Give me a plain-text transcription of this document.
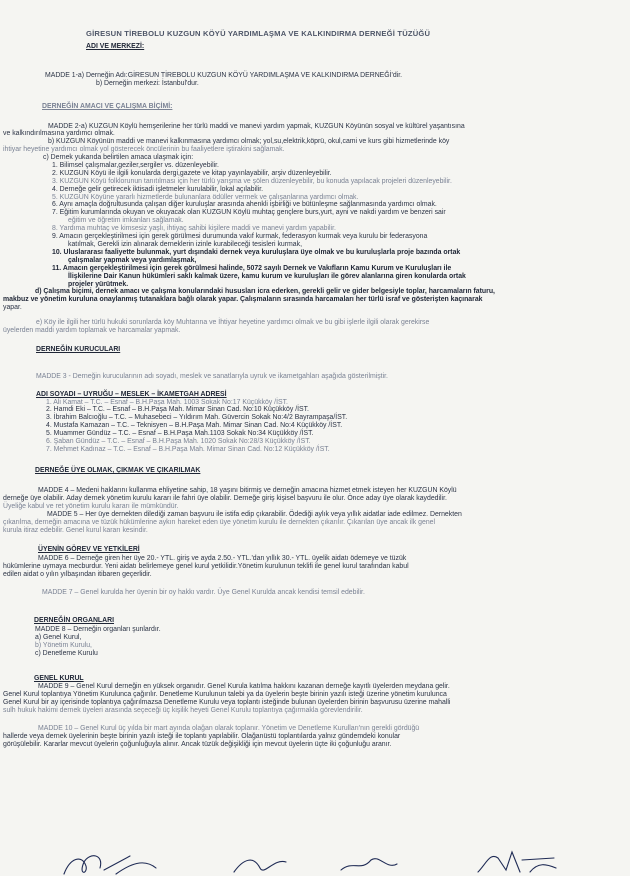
GİRESUN TİREBOLU KUZGUN KÖYÜ YARDIMLAŞMA VE KALKINDIRMA DERNEĞİ TÜZÜĞÜ
ADI VE MERKEZİ:
MADDE 1-a) Derneğin Adı:GİRESUN TİREBOLU KUZGUN KÖYÜ YARDIMLAŞMA VE KALKINDIRMA DERNEĞİ'dir.
b) Derneğin merkezi: İstanbul'dur.
DERNEĞİN AMACI VE ÇALIŞMA BİÇİMİ:
MADDE 2-a) KUZGUN Köylü hemşerilerine her türlü maddi ve manevi yardım yapmak, KUZGUN Köyünün sosyal ve kültürel yaşantısına
ve kalkındırılmasına yardımcı olmak.
b) KUZGUN Köyünün maddi ve manevi kalkınmasına yardımcı olmak; yol,su,elektrik,köprü, okul,cami ve kurs gibi hizmetlerinde köy
ihtiyar heyetine yardımcı olmak yol gösterecek öncülerinin bu faaliyetlere iştirakini sağlamak.
c) Dernek yukarıda belirtilen amaca ulaşmak için:
1. Bilimsel çalışmalar,geziler,sergiler vs. düzenleyebilir.
2. KUZGUN Köyü ile ilgili konularda dergi,gazete ve kitap yayınlayabilir, arşiv düzenleyebilir.
3. KUZGUN Köyü folklorunun tanıtılması için her türlü yarışma ve şölen düzenleyebilir, bu konuda yapılacak projeleri düzenleyebilir.
4. Derneğe gelir getirecek iktisadi işletmeler kurulabilir, lokal açılabilir.
5. KUZGUN Köyüne yararlı hizmetlerde bulunanlara ödüller vermek ve çalışanlarına yardımcı olmak.
6. Aynı amaçla doğrultusunda çalışan diğer kuruluşlar arasında ahenkli işbirliği ve bütünleşme sağlanmasında yardımcı olmak.
7. Eğitim kurumlarında okuyan ve okuyacak olan KUZGUN Köylü muhtaç gençlere burs,yurt, ayni ve nakdi yardım ve benzeri sair
eğitim ve öğretim imkanları sağlamak.
8. Yardıma muhtaç ve kimsesiz yaşlı, ihtiyaç sahibi kişilere maddi ve manevi yardım yapabilir.
9. Amacın gerçekleştirilmesi için gerek görülmesi durumunda vakıf kurmak, federasyon kurmak veya kurulu bir federasyona
katılmak, Gerekli izin alınarak derneklerin izinle kurabileceği tesisleri kurmak,
10. Uluslararası faaliyette bulunmak, yurt dışındaki dernek veya kuruluşlara üye olmak ve bu kuruluşlarla proje bazında ortak
çalışmalar yapmak veya yardımlaşmak,
11. Amacın gerçekleştirilmesi için gerek görülmesi halinde, 5072 sayılı Dernek ve Vakıfların Kamu Kurum ve Kuruluşları ile
İlişkilerine Dair Kanun hükümleri saklı kalmak üzere, kamu kurum ve kuruluşları ile görev alanlarına giren konularda ortak
projeler yürütmek.
d) Çalışma biçimi, dernek amacı ve çalışma konularındaki hususları icra ederken, gerekli gelir ve gider belgesiyle toplar, harcamaların faturu,
makbuz ve yönetim kuruluna onaylanmış tutanaklara bağlı olarak yapar. Çalışmaların sırasında harcamaları her türlü israf ve gösterişten kaçınarak
yapar.
e) Köy ile ilgili her türlü hukuki sorunlarda köy Muhtarına ve İhtiyar heyetine yardımcı olmak ve bu gibi işlerle ilgili olarak gerekirse
üyelerden maddi yardım toplamak ve harcamalar yapmak.
DERNEĞİN KURUCULARI
MADDE 3 - Derneğin kurucularının adı soyadı, meslek ve sanatlarıyla uyruk ve ikametgahları aşağıda gösterilmiştir.
ADI SOYADI – UYRUĞU – MESLEK – İKAMETGAH ADRESİ
1. Ali Kamat – T.C. – Esnaf – B.H.Paşa Mah. 1003 Sokak No:17 Küçükköy /İST.
2. Hamdi Eki – T.C. – Esnaf – B.H.Paşa Mah. Mimar Sinan Cad. No:10 Küçükköy /İST.
3. İbrahim Balcıoğlu – T.C. – Muhasebeci – Yıldırım Mah. Güvercin Sokak No:4/2 Bayrampaşa/İST.
4. Mustafa Kamazan – T.C. – Teknisyen – B.H.Paşa Mah. Mimar Sinan Cad. No:4 Küçükköy /İST.
5. Muammer Gündüz – T.C. – Esnaf – B.H.Paşa Mah.1103 Sokak No:34 Küçükköy /İST.
6. Şaban Gündüz – T.C. – Esnaf – B.H.Paşa Mah. 1020 Sokak No:28/3 Küçükköy /İST.
7. Mehmet Kadınaz – T.C. – Esnaf – B.H.Paşa Mah. Mimar Sinan Cad. No:12 Küçükköy /İST.
DERNEĞE ÜYE OLMAK, ÇIKMAK VE ÇIKARILMAK
MADDE 4 – Medeni haklarını kullanma ehliyetine sahip, 18 yaşını bitirmiş ve derneğin amacına hizmet etmek isteyen her KUZGUN Köylü
derneğe üye olabilir. Aday dernek yönetim kurulu kararı ile fahri üye olabilir. Derneğe giriş kişisel başvuru ile olur. Önce aday üye olarak kaydedilir.
Üyeliğe kabul ve ret yönetim kurulu kararı ile mümkündür.
MADDE 5 – Her üye dernekten dilediği zaman başvuru ile istifa edip çıkarabilir. Ödediği aylık veya yıllık aidatlar iade edilmez. Dernekten
çıkarılma, derneğin amacına ve tüzük hükümlerine aykırı hareket eden üye yönetim kurulu ile dernekten çıkarılır. Çıkarılan üye ancak ilk genel
kurula itiraz edebilir. Genel kurul kararı kesindir.
ÜYENİN GÖREV VE YETKİLERİ
MADDE 6 – Derneğe giren her üye 20.- YTL. giriş ve ayda 2.50.- YTL.'dan yıllık 30.- YTL. üyelik aidatı ödemeye ve tüzük
hükümlerine uymaya mecburdur. Yeni aidatı belirlemeye genel kurul yetkilidir.Yönetim kurulunun teklifi ile genel kurul tarafından kabul
edilen aidat o yılın yılbaşından itibaren geçerlidir.
MADDE 7 – Genel kurulda her üyenin bir oy hakkı vardır. Üye Genel Kurulda ancak kendisi temsil edebilir.
DERNEĞİN ORGANLARI
MADDE 8 – Derneğin organları şunlardır.
a) Genel Kurul,
b) Yönetim Kurulu,
c) Denetleme Kurulu
GENEL KURUL
MADDE 9 – Genel Kurul derneğin en yüksek organıdır. Genel Kurula katılma hakkını kazanan derneğe kayıtlı üyelerden meydana gelir.
Genel Kurul toplantıya Yönetim Kurulunca çağırılır. Denetleme Kurulunun talebi ya da üyelerin beşte birinin yazılı isteği üzerine yönetim kurulunca
Genel Kurul bir ay içerisinde toplantıya çağırılmazsa Denetleme Kurulu veya toplantı isteğinde bulunan üyelerden birinin başvurusu üzerine mahalli
sulh hukuk hakimi dernek üyeleri arasında seçeceği üç kişilik heyeti Genel Kurulu toplantıya çağırmakla görevlendirilir.
MADDE 10 – Genel Kurul üç yılda bir mart ayında olağan olarak toplanır. Yönetim ve Denetleme Kurulları'nın gerekli gördüğü
hallerde veya dernek üyelerinin beşte birinin yazılı isteği ile toplantı yapılabilir. Olağanüstü toplantılarda yalnız gündemdeki konular
görüşülebilir. Kararlar mevcut üyelerin çoğunluğuyla alınır. Ancak tüzük değişikliği için mevcut üyelerin üçte iki çoğunluğu aranır.
